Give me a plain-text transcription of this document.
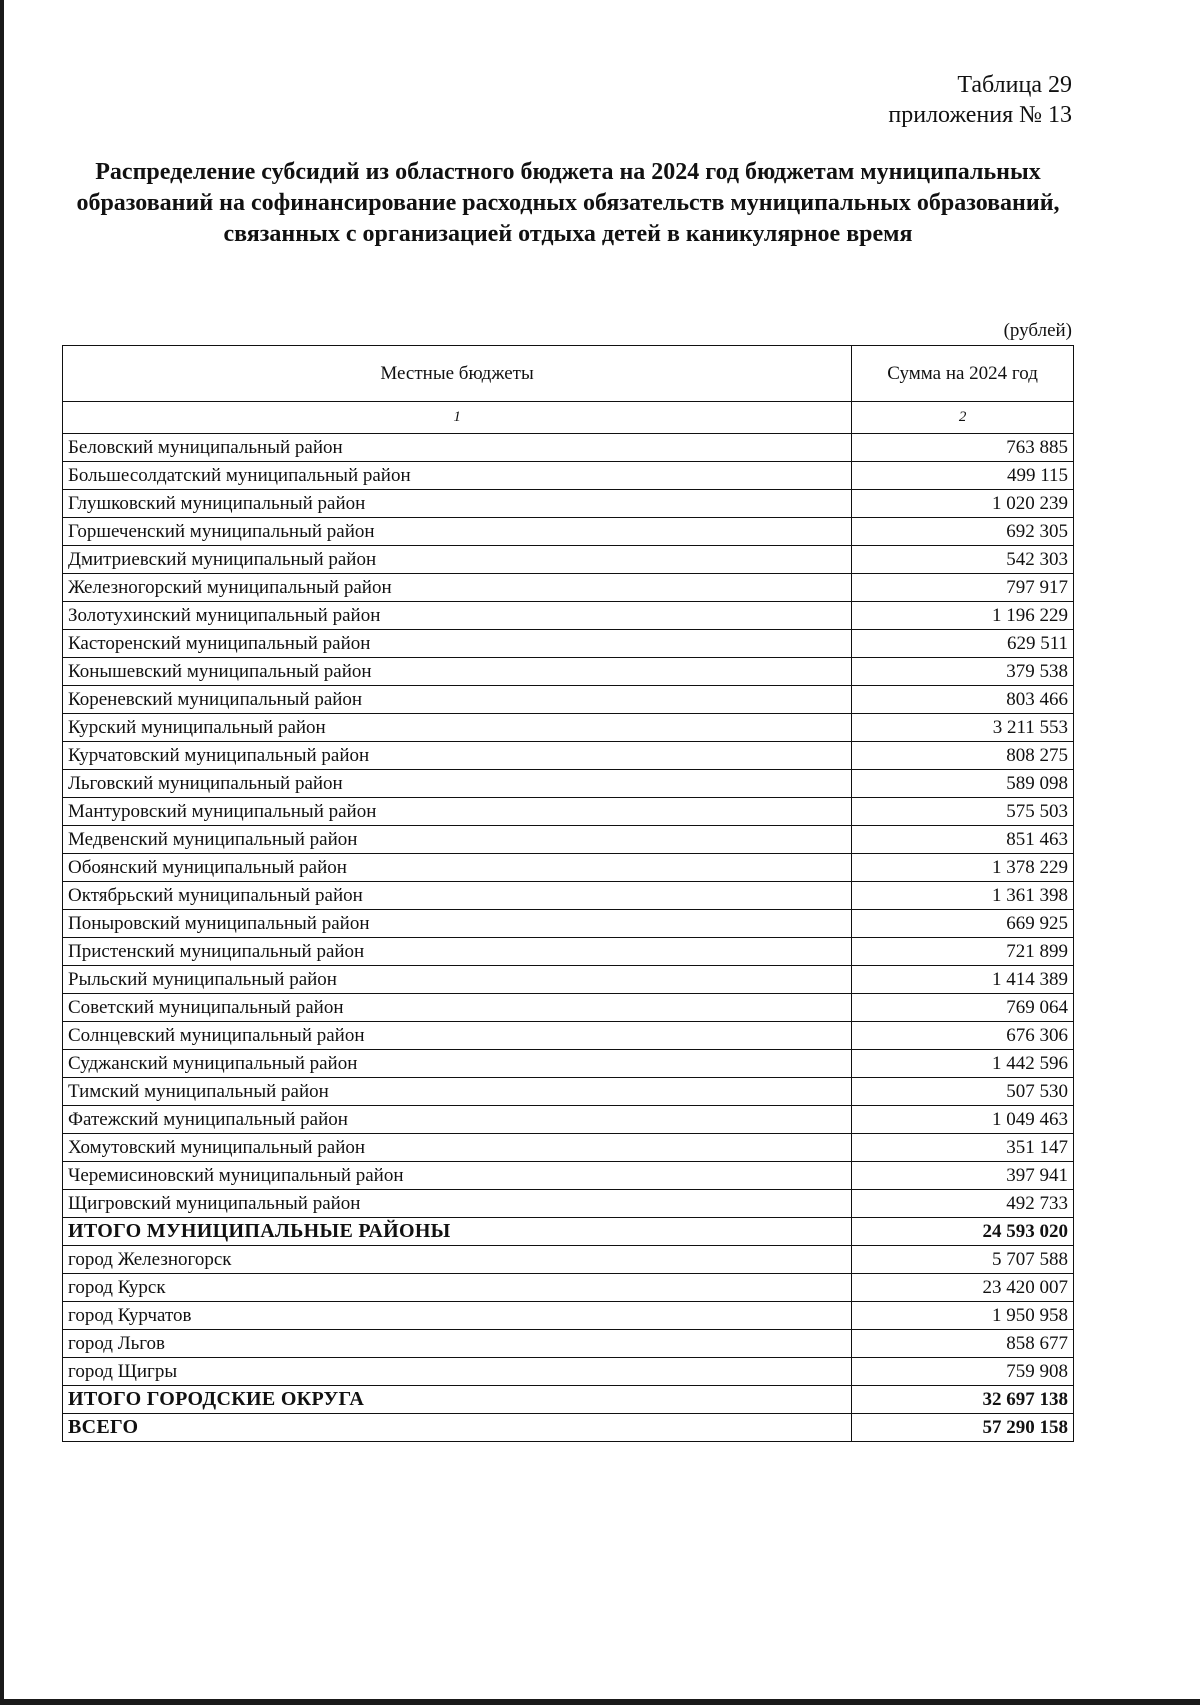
Таблица 29
приложения № 13
Распределение субсидий из областного бюджета на 2024 год бюджетам муниципальных
образований на софинансирование расходных обязательств муниципальных образований,
связанных с организацией отдыха детей в каникулярное время
(рублей)
Местные бюджеты	Сумма на 2024 год
1	2
Беловский муниципальный район	763 885
Большесолдатский муниципальный район	499 115
Глушковский муниципальный район	1 020 239
Горшеченский муниципальный район	692 305
Дмитриевский муниципальный район	542 303
Железногорский муниципальный район	797 917
Золотухинский муниципальный район	1 196 229
Касторенский муниципальный район	629 511
Конышевский муниципальный район	379 538
Кореневский муниципальный район	803 466
Курский муниципальный район	3 211 553
Курчатовский муниципальный район	808 275
Льговский муниципальный район	589 098
Мантуровский муниципальный район	575 503
Медвенский муниципальный район	851 463
Обоянский муниципальный район	1 378 229
Октябрьский муниципальный район	1 361 398
Поныровский муниципальный район	669 925
Пристенский муниципальный район	721 899
Рыльский муниципальный район	1 414 389
Советский муниципальный район	769 064
Солнцевский муниципальный район	676 306
Суджанский муниципальный район	1 442 596
Тимский муниципальный район	507 530
Фатежский муниципальный район	1 049 463
Хомутовский муниципальный район	351 147
Черемисиновский муниципальный район	397 941
Щигровский муниципальный район	492 733
ИТОГО МУНИЦИПАЛЬНЫЕ РАЙОНЫ	24 593 020
город Железногорск	5 707 588
город Курск	23 420 007
город Курчатов	1 950 958
город Льгов	858 677
город Щигры	759 908
ИТОГО ГОРОДСКИЕ ОКРУГА	32 697 138
ВСЕГО	57 290 158
